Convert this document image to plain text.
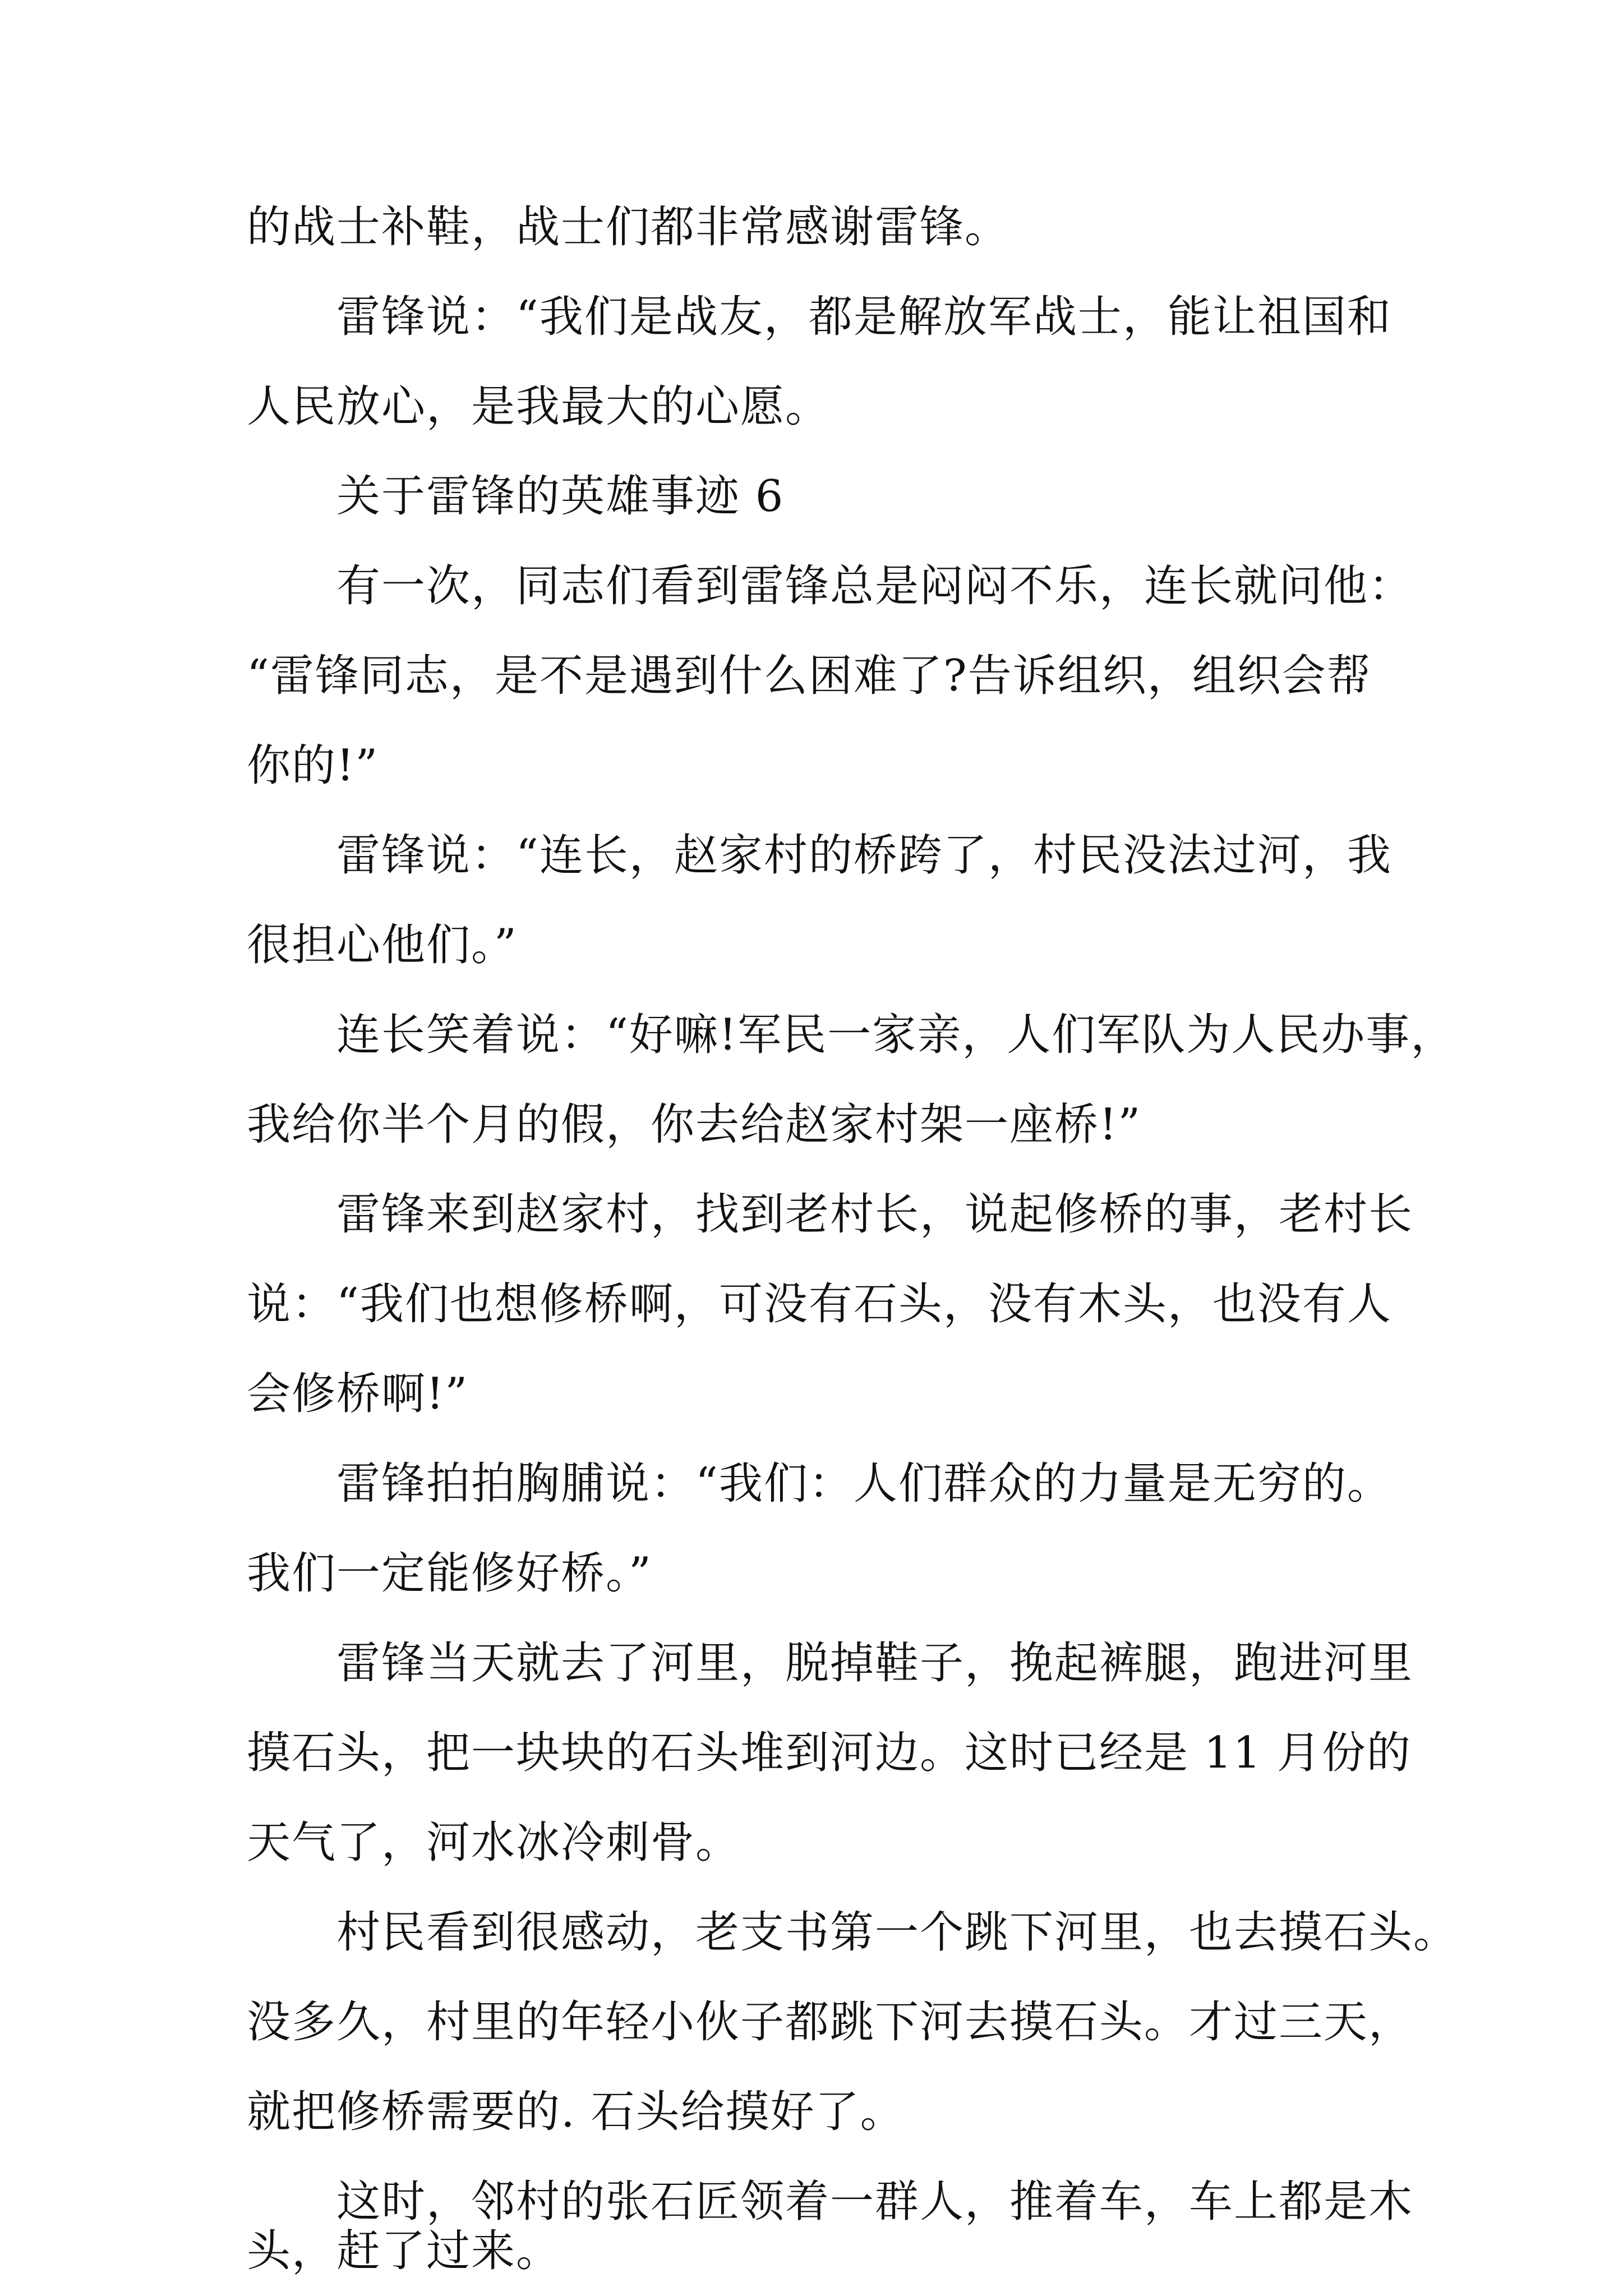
的战士补鞋，战士们都非常感谢雷锋。

雷锋说：“我们是战友，都是解放军战士，能让祖国和

人民放心，是我最大的心愿。

关于雷锋的英雄事迹 6

有一次，同志们看到雷锋总是闷闷不乐，连长就问他：

“雷锋同志，是不是遇到什么困难了?告诉组织，组织会帮

你的!”

雷锋说：“连长，赵家村的桥跨了，村民没法过河，我

很担心他们。”

连长笑着说：“好嘛!军民一家亲，人们军队为人民办事，

我给你半个月的假，你去给赵家村架一座桥!”

雷锋来到赵家村，找到老村长，说起修桥的事，老村长

说：“我们也想修桥啊，可没有石头，没有木头，也没有人

会修桥啊!”

雷锋拍拍胸脯说：“我们：人们群众的力量是无穷的。

我们一定能修好桥。”

雷锋当天就去了河里，脱掉鞋子，挽起裤腿，跑进河里

摸石头，把一块块的石头堆到河边。这时已经是 11 月份的

天气了，河水冰冷刺骨。

村民看到很感动，老支书第一个跳下河里，也去摸石头。

没多久，村里的年轻小伙子都跳下河去摸石头。才过三天，

就把修桥需要的. 石头给摸好了。

这时，邻村的张石匠领着一群人，推着车，车上都是木

头，赶了过来。
